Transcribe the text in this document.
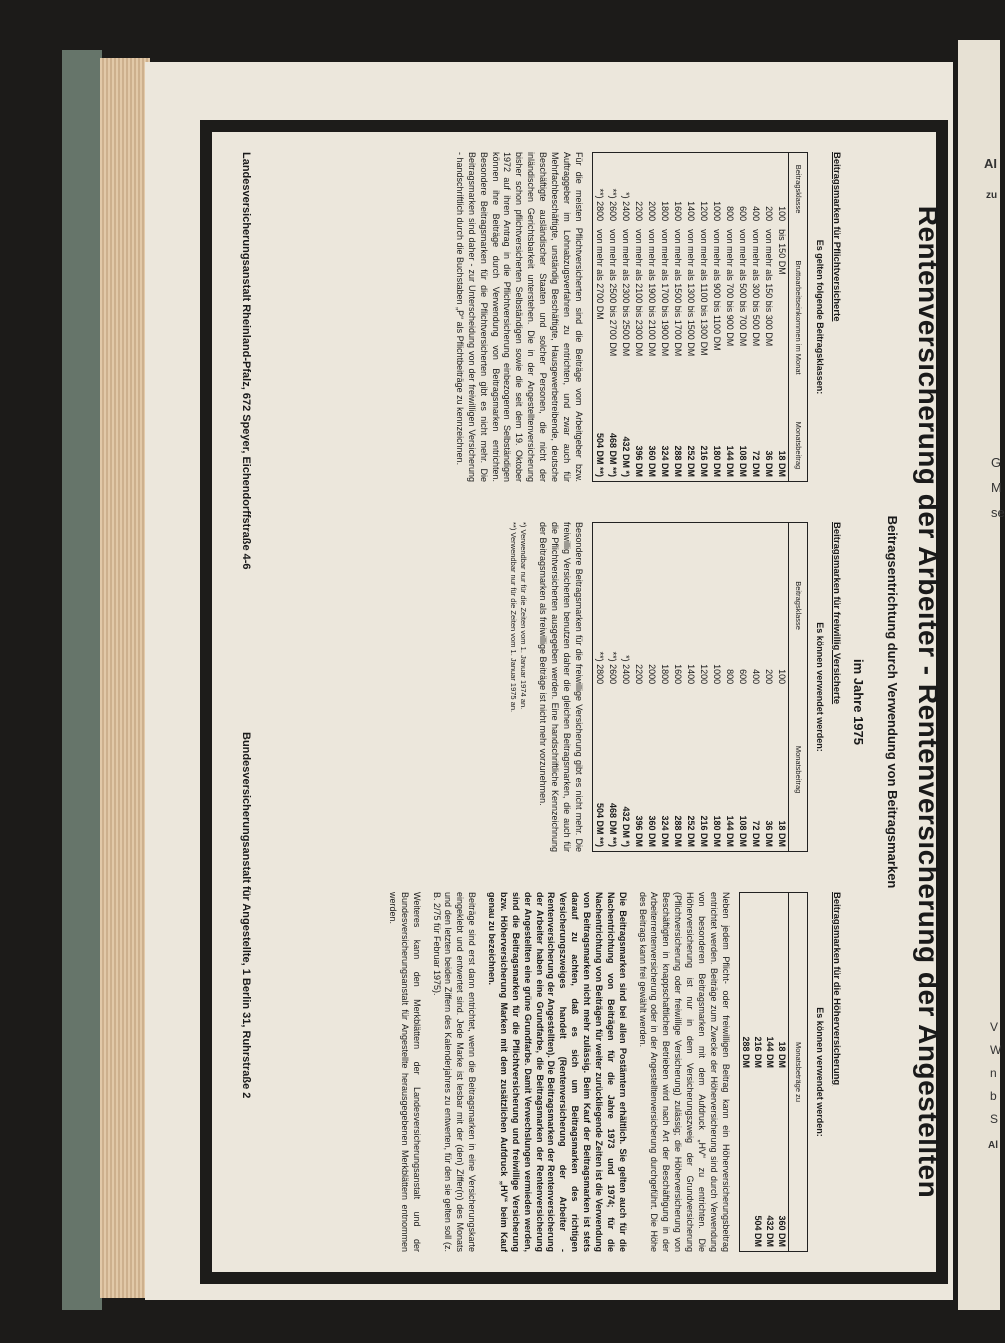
AI
zu
G
M
se
V
W
n
b
S
Al
Rentenversicherung der Arbeiter - Rentenversicherung der Angestellten
Beitragsentrichtung durch Verwendung von Beitragsmarken
im Jahre 1975
Beitragsmarken für Pflichtversicherte
Es gelten folgende Beitragsklassen:
Beitragsklasse	Bruttoarbeitseinkommen im Monat	Monatsbeitrag
100	bis 150 DM	18 DM
200	von mehr als 150 bis 300 DM	36 DM
400	von mehr als 300 bis 500 DM	72 DM
600	von mehr als 500 bis 700 DM	108 DM
800	von mehr als 700 bis 900 DM	144 DM
1000	von mehr als 900 bis 1100 DM	180 DM
1200	von mehr als 1100 bis 1300 DM	216 DM
1400	von mehr als 1300 bis 1500 DM	252 DM
1600	von mehr als 1500 bis 1700 DM	288 DM
1800	von mehr als 1700 bis 1900 DM	324 DM
2000	von mehr als 1900 bis 2100 DM	360 DM
2200	von mehr als 2100 bis 2300 DM	396 DM
*) 2400	von mehr als 2300 bis 2500 DM	432 DM *)
**) 2600	von mehr als 2500 bis 2700 DM	468 DM **)
**) 2800	von mehr als 2700 DM	504 DM **)
Für die meisten Pflichtversicherten sind die Beiträge vom Arbeitgeber bzw. Auftraggeber im Lohnabzugsverfahren zu entrichten, und zwar auch für Mehrfachbeschäftigte, unständig Beschäftigte, Hausgewerbetreibende, deutsche Beschäftigte ausländischer Staaten und solcher Personen, die nicht der inländischen Gerichtsbarkeit unterstehen. Die in der Angestelltenversicherung bisher schon pflichtversicherten Selbständigen sowie die seit dem 19. Oktober 1972 auf ihren Antrag in die Pflichtversicherung einbezogenen Selbständigen können ihre Beiträge durch Verwendung von Beitragsmarken entrichten. Besondere Beitragsmarken für die Pflichtversicherten gibt es nicht mehr. Die Beitragsmarken sind daher - zur Unterscheidung von der freiwilligen Versicherung - handschriftlich durch die Buchstaben „P“ als Pflichtbeiträge zu kennzeichnen.
Beitragsmarken für freiwillig Versicherte
Es können verwendet werden:
Beitragsklasse	Monatsbeitrag
100	18 DM
200	36 DM
400	72 DM
600	108 DM
800	144 DM
1000	180 DM
1200	216 DM
1400	252 DM
1600	288 DM
1800	324 DM
2000	360 DM
2200	396 DM
*) 2400	432 DM *)
**) 2600	468 DM **)
**) 2800	504 DM **)
Besondere Beitragsmarken für die freiwillige Versicherung gibt es nicht mehr. Die freiwillig Versicherten benutzen daher die gleichen Beitragsmarken, die auch für die Pflichtversicherten ausgegeben werden. Eine handschriftliche Kennzeichnung der Beitragsmarken als freiwillige Beiträge ist nicht mehr vorzunehmen.
*) Verwendbar nur für die Zeiten vom 1. Januar 1974 an.
**) Verwendbar nur für die Zeiten vom 1. Januar 1975 an.
Beitragsmarken für die Höherversicherung
Es können verwendet werden:
Monatsbeträge zu	
18 DM	360 DM
144 DM	432 DM
216 DM	504 DM
288 DM	
Neben jedem Pflicht- oder freiwilligen Beitrag kann ein Höherversicherungsbeitrag entrichtet werden. Beiträge zum Zwecke der Höherversicherung sind durch Verwendung von besonderen Beitragsmarken mit dem Aufdruck „HV“ zu entrichten. Die Höherversicherung ist nur in dem Versicherungszweig der Grundversicherung (Pflichtversicherung oder freiwillige Versicherung) zulässig; die Höherversicherung von Beschäftigten in knappschaftlichen Betrieben wird nach Art der Beschäftigung in der Arbeiterrentenversicherung oder in der Angestelltenversicherung durchgeführt. Die Höhe des Beitrags kann frei gewählt werden.
Die Beitragsmarken sind bei allen Postämtern erhältlich. Sie gelten auch für die Nachentrichtung von Beiträgen für die Jahre 1973 und 1974; für die Nachentrichtung von Beiträgen für weiter zurückliegende Zeiten ist die Verwendung von Beitragsmarken nicht mehr zulässig. Beim Kauf der Beitragsmarken ist stets darauf zu achten, daß es sich um Beitragsmarken des richtigen Versicherungszweiges handelt (Rentenversicherung der Arbeiter - Rentenversicherung der Angestellten). Die Beitragsmarken der Rentenversicherung der Arbeiter haben eine Grundfarbe, die Beitragsmarken der Rentenversicherung der Angestellten eine grüne Grundfarbe. Damit Verwechslungen vermieden werden, sind die Beitragsmarken für die Pflichtversicherung und freiwillige Versicherung bzw. Höherversicherung Marken mit dem zusätzlichen Aufdruck „HV“ beim Kauf genau zu bezeichnen.
Beiträge sind erst dann entrichtet, wenn die Beitragsmarken in eine Versicherungskarte eingeklebt und entwertet sind. Jede Marke ist lesbar mit der (den) Ziffer(n) des Monats und den letzten beiden Ziffern des Kalenderjahres zu entwerten, für den sie gelten soll (z. B. 2/75 für Februar 1975).
Weiteres kann den Merkblättern der Landesversicherungsanstalt und der Bundesversicherungsanstalt für Angestellte herausgegebenen Merkblättern entnommen werden.
Landesversicherungsanstalt Rheinland-Pfalz, 672 Speyer, Eichendorffstraße 4-6
Bundesversicherungsanstalt für Angestellte, 1 Berlin 31, Ruhrstraße 2
